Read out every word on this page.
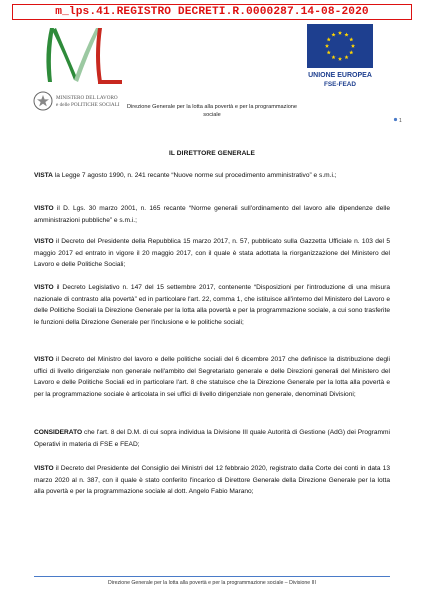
m_lps.41.REGISTRO DECRETI.R.0000287.14-08-2020
MINISTERO DEL LAVORO
e delle POLITICHE SOCIALI
UNIONE EUROPEA
FSE-FEAD
Direzione Generale per la lotta alla povertà e per la programmazione
sociale
1
IL DIRETTORE GENERALE
VISTA la Legge 7 agosto 1990, n. 241 recante “Nuove norme sul procedimento amministrativo” e s.m.i.;
VISTO il D. Lgs. 30 marzo 2001, n. 165 recante “Norme generali sull'ordinamento del lavoro alle dipendenze delle amministrazioni pubbliche” e s.m.i.;
VISTO il Decreto del Presidente della Repubblica 15 marzo 2017, n. 57, pubblicato sulla Gazzetta Ufficiale n. 103 del 5 maggio 2017 ed entrato in vigore il 20 maggio 2017, con il quale è stata adottata la riorganizzazione del Ministero del Lavoro e delle Politiche Sociali;
VISTO il Decreto Legislativo n. 147 del 15 settembre 2017, contenente “Disposizioni per l'introduzione di una misura nazionale di contrasto alla povertà” ed in particolare l'art. 22, comma 1, che istituisce all'interno del Ministero del Lavoro e delle Politiche Sociali la Direzione Generale per la lotta alla povertà e per la programmazione sociale, a cui sono trasferite le funzioni della Direzione Generale per l'inclusione e le politiche sociali;
VISTO il Decreto del Ministro del lavoro e delle politiche sociali del 6 dicembre 2017 che definisce la distribuzione degli uffici di livello dirigenziale non generale nell'ambito del Segretariato generale e delle Direzioni generali del Ministero del Lavoro e delle Politiche Sociali ed in particolare l'art. 8 che statuisce che la Direzione Generale per la lotta alla povertà e per la programmazione sociale è articolata in sei uffici di livello dirigenziale non generale, denominati Divisioni;
CONSIDERATO che l'art. 8 del D.M. di cui sopra individua la Divisione III quale Autorità di Gestione (AdG) dei Programmi Operativi in materia di FSE e FEAD;
VISTO il Decreto del Presidente del Consiglio dei Ministri del 12 febbraio 2020, registrato dalla Corte dei conti in data 13 marzo 2020 al n. 387, con il quale è stato conferito l'incarico di Direttore Generale della Direzione Generale per la lotta alla povertà e per la programmazione sociale al dott. Angelo Fabio Marano;
Direzione Generale per la lotta alla povertà e per la programmazione sociale – Divisione III
